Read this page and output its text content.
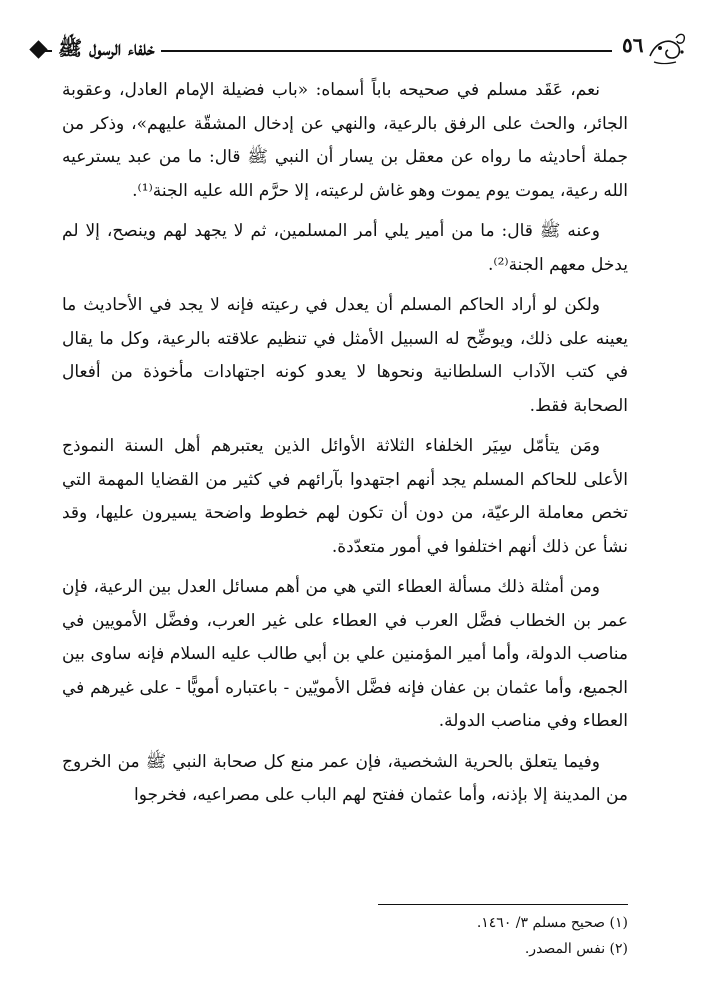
خلفاء الرسول ﷺ	٥٦

نعم، عَقَد مسلم في صحيحه باباً أسماه: «باب فضيلة الإمام العادل، وعقوبة الجائر، والحث على الرفق بالرعية، والنهي عن إدخال المشقّة عليهم»، وذكر من جملة أحاديثه ما رواه عن معقل بن يسار أن النبي ﷺ قال: ما من عبد يسترعيه الله رعية، يموت يوم يموت وهو غاش لرعيته، إلا حرَّم الله عليه الجنة⁽¹⁾.

وعنه ﷺ قال: ما من أمير يلي أمر المسلمين، ثم لا يجهد لهم وينصح، إلا لم يدخل معهم الجنة⁽²⁾.

ولكن لو أراد الحاكم المسلم أن يعدل في رعيته فإنه لا يجد في الأحاديث ما يعينه على ذلك، ويوضِّح له السبيل الأمثل في تنظيم علاقته بالرعية، وكل ما يقال في كتب الآداب السلطانية ونحوها لا يعدو كونه اجتهادات مأخوذة من أفعال الصحابة فقط.

ومَن يتأمّل سِيَر الخلفاء الثلاثة الأوائل الذين يعتبرهم أهل السنة النموذج الأعلى للحاكم المسلم يجد أنهم اجتهدوا بآرائهم في كثير من القضايا المهمة التي تخص معاملة الرعيّة، من دون أن تكون لهم خطوط واضحة يسيرون عليها، وقد نشأ عن ذلك أنهم اختلفوا في أمور متعدّدة.

ومن أمثلة ذلك مسألة العطاء التي هي من أهم مسائل العدل بين الرعية، فإن عمر بن الخطاب فضَّل العرب في العطاء على غير العرب، وفضَّل الأمويين في مناصب الدولة، وأما أمير المؤمنين علي بن أبي طالب عليه السلام فإنه ساوى بين الجميع، وأما عثمان بن عفان فإنه فضَّل الأمويّين - باعتباره أمويًّا - على غيرهم في العطاء وفي مناصب الدولة.

وفيما يتعلق بالحرية الشخصية، فإن عمر منع كل صحابة النبي ﷺ من الخروج من المدينة إلا بإذنه، وأما عثمان ففتح لهم الباب على مصراعيه، فخرجوا

(١) صحيح مسلم ٣/ ١٤٦٠.

(٢) نفس المصدر.
